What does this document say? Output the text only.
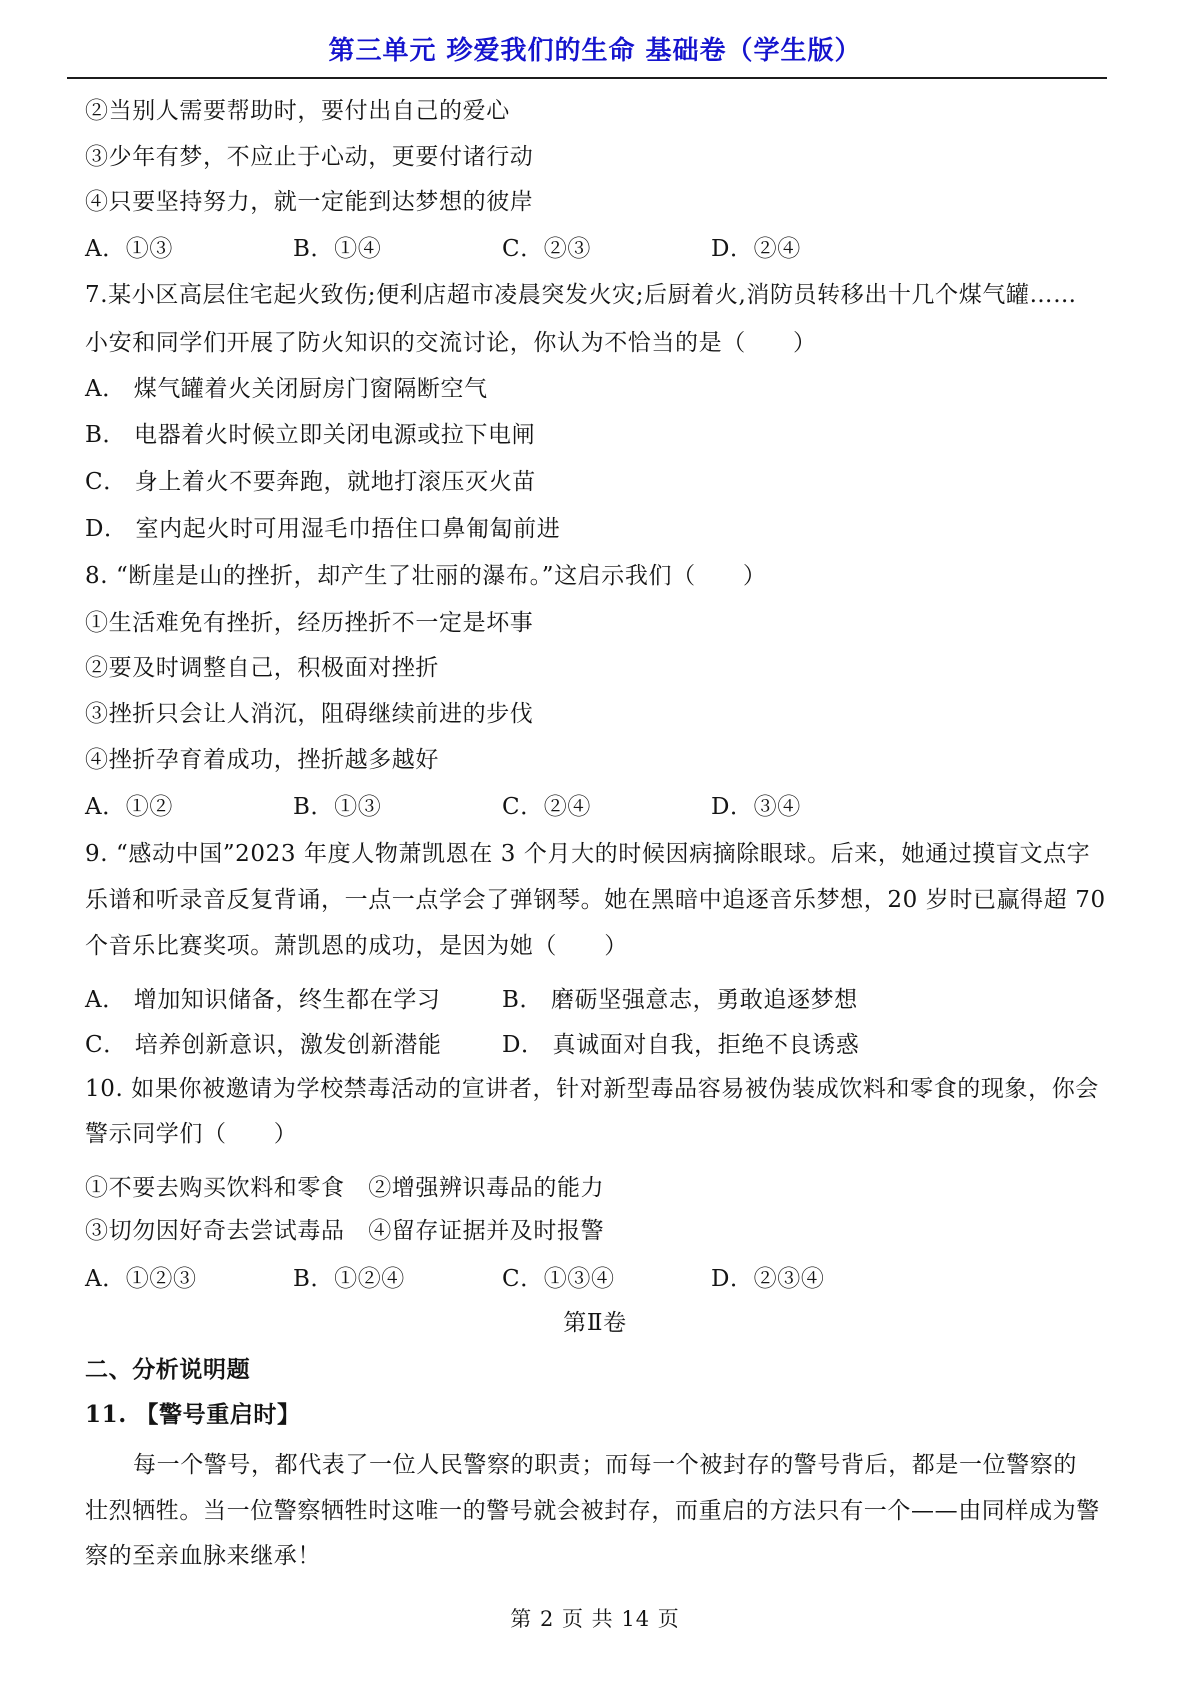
第三单元 珍爱我们的生命 基础卷（学生版）
②当别人需要帮助时，要付出自己的爱心
③少年有梦，不应止于心动，更要付诸行动
④只要坚持努力，就一定能到达梦想的彼岸

A．①③

	B．①④

	C．②③

	D．②④

7.某小区高层住宅起火致伤;便利店超市凌晨突发火灾;后厨着火,消防员转移出十几个煤气罐……
小安和同学们开展了防火知识的交流讨论，你认为不恰当的是（　　）
A． 煤气罐着火关闭厨房门窗隔断空气
B． 电器着火时候立即关闭电源或拉下电闸
C． 身上着火不要奔跑，就地打滚压灭火苗
D． 室内起火时可用湿毛巾捂住口鼻匍匐前进
8. “断崖是山的挫折，却产生了壮丽的瀑布。”这启示我们（　　）
①生活难免有挫折，经历挫折不一定是坏事
②要及时调整自己，积极面对挫折
③挫折只会让人消沉，阻碍继续前进的步伐
④挫折孕育着成功，挫折越多越好

A．①②

	B．①③

	C．②④

	D．③④

9. “感动中国”2023 年度人物萧凯恩在 3 个月大的时候因病摘除眼球。后来，她通过摸盲文点字
乐谱和听录音反复背诵，一点一点学会了弹钢琴。她在黑暗中追逐音乐梦想，20 岁时已赢得超 70
个音乐比赛奖项。萧凯恩的成功，是因为她（　　）

A． 增加知识储备，终生都在学习

	B． 磨砺坚强意志，勇敢追逐梦想

C． 培养创新意识，激发创新潜能

	D． 真诚面对自我，拒绝不良诱惑

10. 如果你被邀请为学校禁毒活动的宣讲者，针对新型毒品容易被伪装成饮料和零食的现象，你会
警示同学们（　　）
①不要去购买饮料和零食　②增强辨识毒品的能力
③切勿因好奇去尝试毒品　④留存证据并及时报警

A．①②③

	B．①②④

	C．①③④

	D．②③④

第Ⅱ卷
二、分析说明题
11. 【警号重启时】
每一个警号，都代表了一位人民警察的职责；而每一个被封存的警号背后，都是一位警察的
壮烈牺牲。当一位警察牺牲时这唯一的警号就会被封存，而重启的方法只有一个——由同样成为警
察的至亲血脉来继承！
第 2 页 共 14 页
